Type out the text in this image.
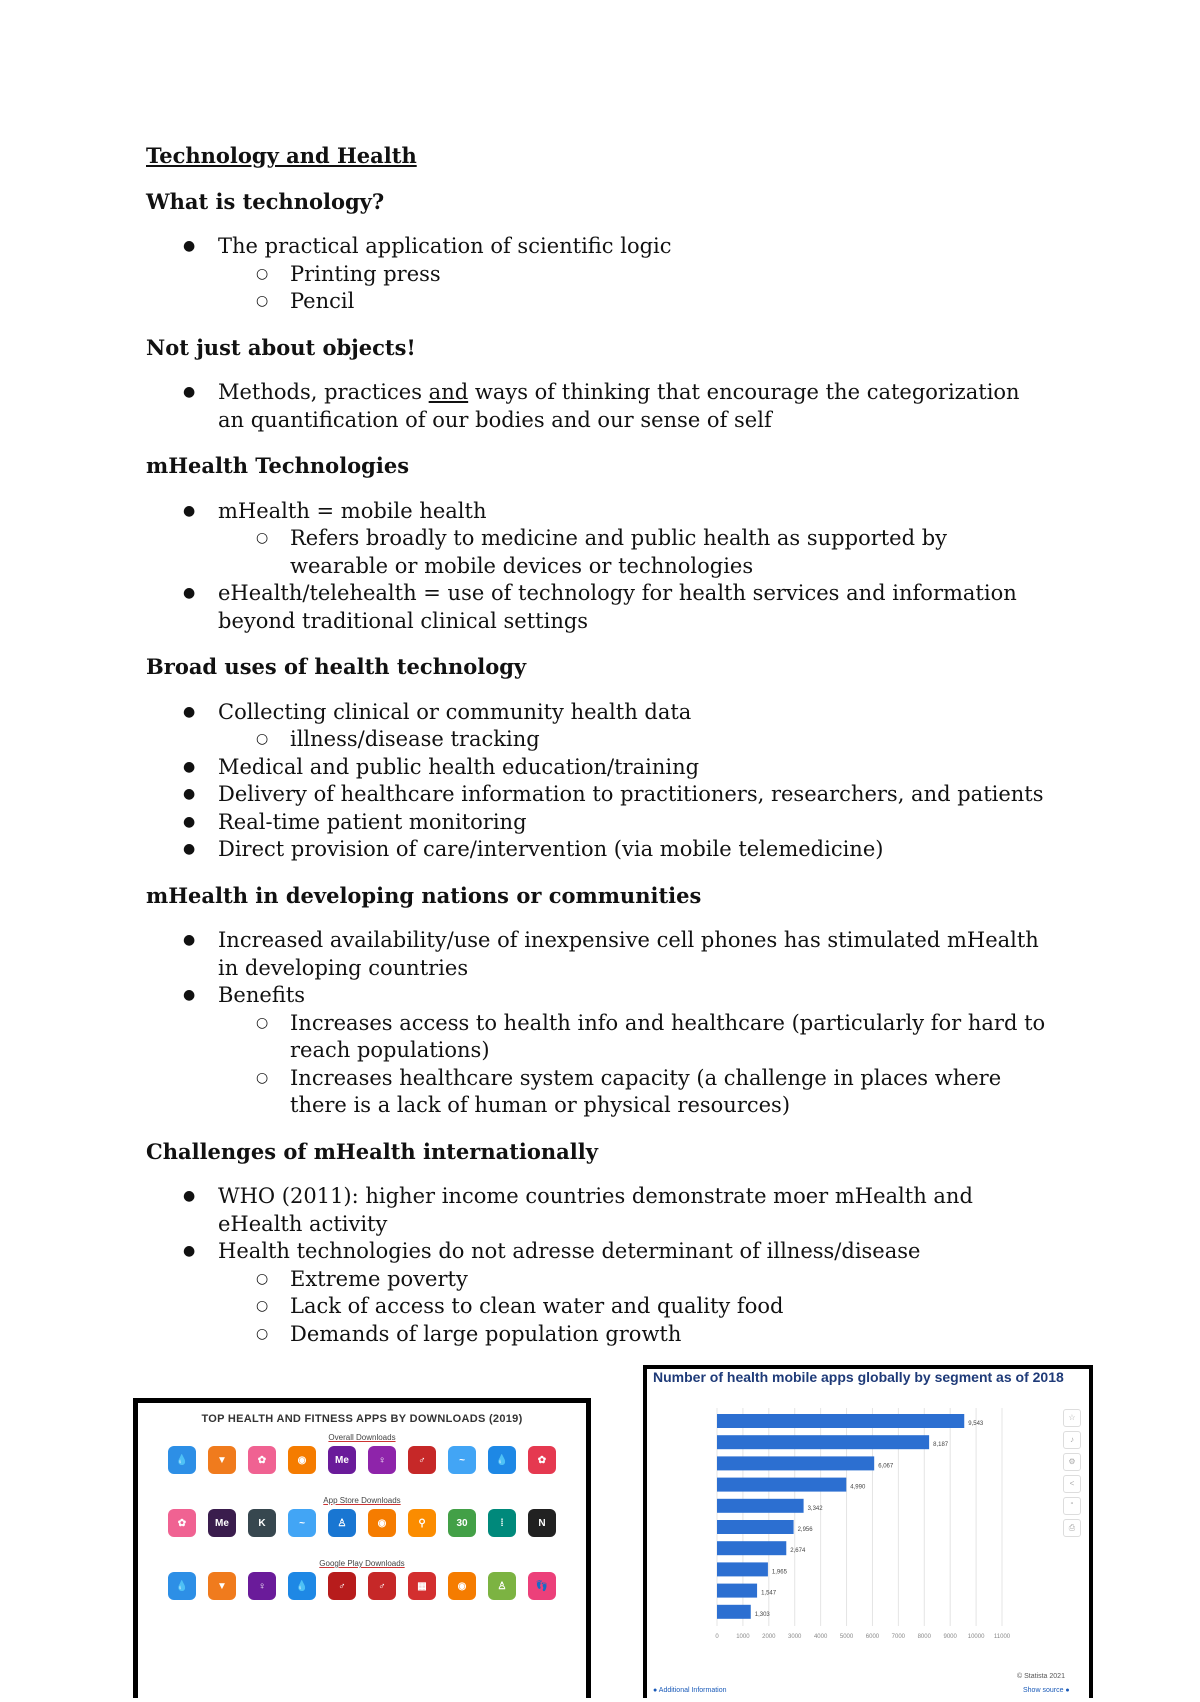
Technology and Health
What is technology?
● The practical application of scientific logic
○ Printing press
○ Pencil
Not just about objects!
● Methods, practices and ways of thinking that encourage the categorization an quantification of our bodies and our sense of self
mHealth Technologies
● mHealth = mobile health
○ Refers broadly to medicine and public health as supported by wearable or mobile devices or technologies
● eHealth/telehealth = use of technology for health services and information beyond traditional clinical settings
Broad uses of health technology
● Collecting clinical or community health data
○ illness/disease tracking
● Medical and public health education/training
● Delivery of healthcare information to practitioners, researchers, and patients
● Real-time patient monitoring
● Direct provision of care/intervention (via mobile telemedicine)
mHealth in developing nations or communities
● Increased availability/use of inexpensive cell phones has stimulated mHealth in developing countries
● Benefits
○ Increases access to health info and healthcare (particularly for hard to reach populations)
○ Increases healthcare system capacity (a challenge in places where there is a lack of human or physical resources)
Challenges of mHealth internationally
● WHO (2011): higher income countries demonstrate moer mHealth and eHealth activity
● Health technologies do not adresse determinant of illness/disease
○ Extreme poverty
○ Lack of access to clean water and quality food
○ Demands of large population growth
TOP HEALTH AND FITNESS APPS BY DOWNLOADS (2019)
Overall Downloads
💧	▼	✿	◉	Me	♀	♂	~	💧	✿
App Store Downloads
✿	Me	K	~	♙	◉	⚲	30	⁞	N
Google Play Downloads
💧	▼	♀	💧	♂	♂	▦	◉	♙	👣
0	1000 2000 3000 4000 5000 6000 7000 8000 9000 10000 11000
9,543
8,187
6,067
4,990
3,342
2,956
2,674
1,965
1,547
1,303
Number of health mobile apps globally by segment as of 2018
☆
♪
⚙
<
“
⎙
● Additional Information
© Statista 2021
Show source ●
